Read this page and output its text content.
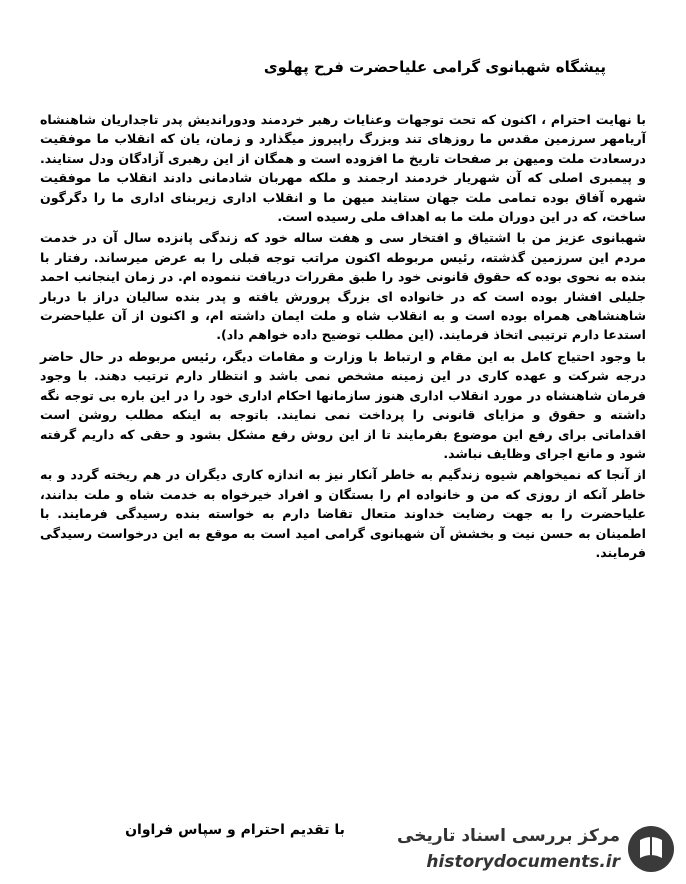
پیشگاه شهبانوی گرامی علیاحضرت فرح پهلوی

با نهایت احترام ، اکنون که تحت توجهات وعنایات رهبر خردمند ودوراندیش پدر تاجداریان شاهنشاه آریامهر سرزمین مقدس ما روزهای تند وبزرگ راپیروز میگذارد و زمان، یان که انقلاب ما موفقیت درسعادت ملت ومیهن بر صفحات تاریخ ما افزوده است و همگان از این رهبری آزادگان ودل ستایند. و پیمبری اصلی که آن شهریار خردمند ارجمند و ملکه مهربان شادمانی دادند انقلاب ما موفقیت شهره آفاق بوده تمامی ملت جهان ستایند میهن ما و انقلاب اداری زیربنای اداری ما را دگرگون ساخت، که در این دوران ملت ما به اهداف ملی رسیده است.

شهبانوی عزیز من با اشتیاق و افتخار سی و هفت ساله خود که زندگی پانزده سال آن در خدمت مردم این سرزمین گذشته، رئیس مربوطه اکنون مراتب توجه قبلی را به عرض میرساند. رفتار با بنده به نحوی بوده که حقوق قانونی خود را طبق مقررات دریافت ننموده ام. در زمان اینجانب احمد جلیلی افشار بوده است که در خانواده ای بزرگ پرورش یافته و پدر بنده سالیان دراز با دربار شاهنشاهی همراه بوده است و به انقلاب شاه و ملت ایمان داشته ام، و اکنون از آن علیاحضرت استدعا دارم ترتیبی اتخاذ فرمایند. (این مطلب توضیح داده خواهم داد).

با وجود احتیاج کامل به این مقام و ارتباط با وزارت و مقامات دیگر، رئیس مربوطه در حال حاضر درجه شرکت و عهده کاری در این زمینه مشخص نمی باشد و انتظار دارم ترتیب دهند. با وجود فرمان شاهنشاه در مورد انقلاب اداری هنوز سازمانها احکام اداری خود را در این باره بی توجه نگه داشته و حقوق و مزایای قانونی را پرداخت نمی نمایند. باتوجه به اینکه مطلب روشن است اقداماتی برای رفع این موضوع بفرمایند تا از این روش رفع مشکل بشود و حقی که داریم گرفته شود و مانع اجرای وظایف نباشد.

از آنجا که نمیخواهم شیوه زندگیم به خاطر آنکار نیز به اندازه کاری دیگران در هم ریخته گردد و به خاطر آنکه از روزی که من و خانواده ام را بستگان و افراد خیرخواه به خدمت شاه و ملت بدانند، علیاحضرت را به جهت رضایت خداوند متعال تقاضا دارم به خواسته بنده رسیدگی فرمایند. با اطمینان به حسن نیت و بخشش آن شهبانوی گرامی امید است به موقع به این درخواست رسیدگی فرمایند.

با تقدیم احترام و سپاس فراوان	مرکز بررسی اسناد تاریخی
historydocuments.ir
